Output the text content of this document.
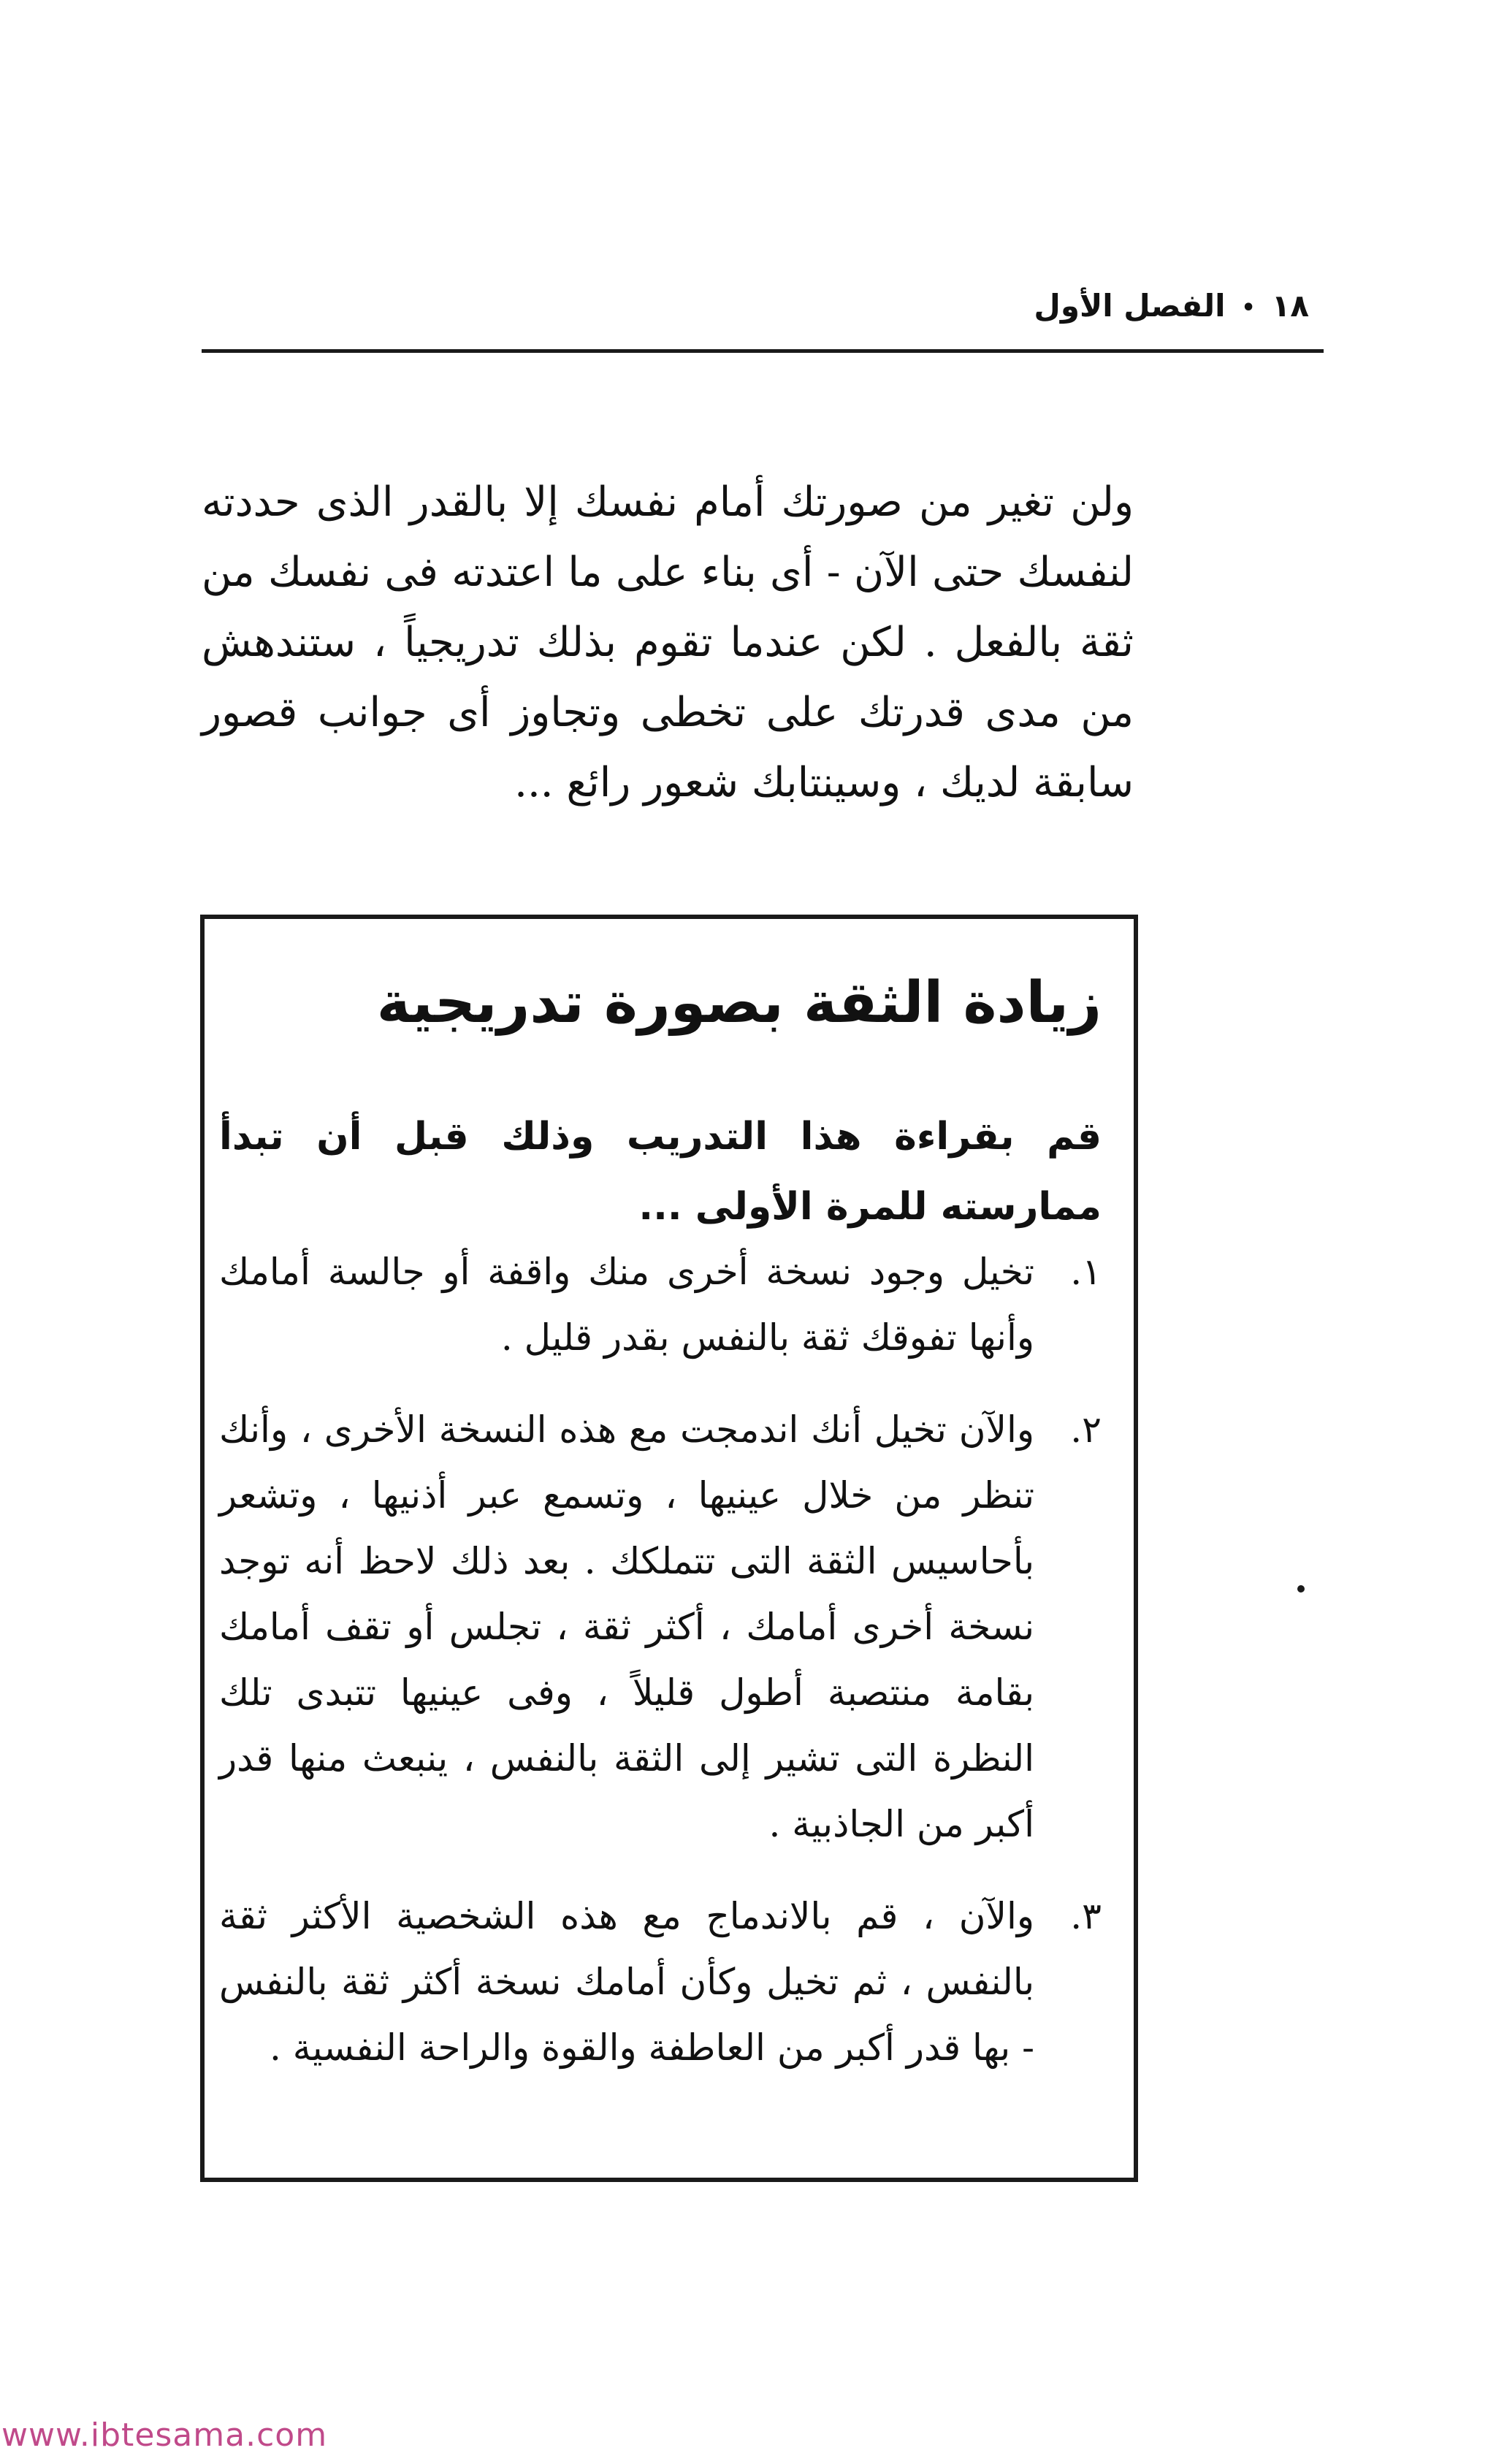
١٨•الفصل الأول

ولن تغير من صورتك أمام نفسك إلا بالقدر الذى حددته لنفسك حتى الآن - أى بناء على ما اعتدته فى نفسك من ثقة بالفعل . لكن عندما تقوم بذلك تدريجياً ، ستندهش من مدى قدرتك على تخطى وتجاوز أى جوانب قصور سابقة لديك ، وسينتابك شعور رائع ...

زيادة الثقة بصورة تدريجية
قم بقراءة هذا التدريب وذلك قبل أن تبدأ ممارسته للمرة الأولى ...
١.
تخيل وجود نسخة أخرى منك واقفة أو جالسة أمامك وأنها تفوقك ثقة بالنفس بقدر قليل .
٢.
والآن تخيل أنك اندمجت مع هذه النسخة الأخرى ، وأنك تنظر من خلال عينيها ، وتسمع عبر أذنيها ، وتشعر بأحاسيس الثقة التى تتملكك . بعد ذلك لاحظ أنه توجد نسخة أخرى أمامك ، أكثر ثقة ، تجلس أو تقف أمامك بقامة منتصبة أطول قليلاً ، وفى عينيها تتبدى تلك النظرة التى تشير إلى الثقة بالنفس ، ينبعث منها قدر أكبر من الجاذبية .
٣.
والآن ، قم بالاندماج مع هذه الشخصية الأكثر ثقة بالنفس ، ثم تخيل وكأن أمامك نسخة أكثر ثقة بالنفس - بها قدر أكبر من العاطفة والقوة والراحة النفسية .
www.ibtesama.com
